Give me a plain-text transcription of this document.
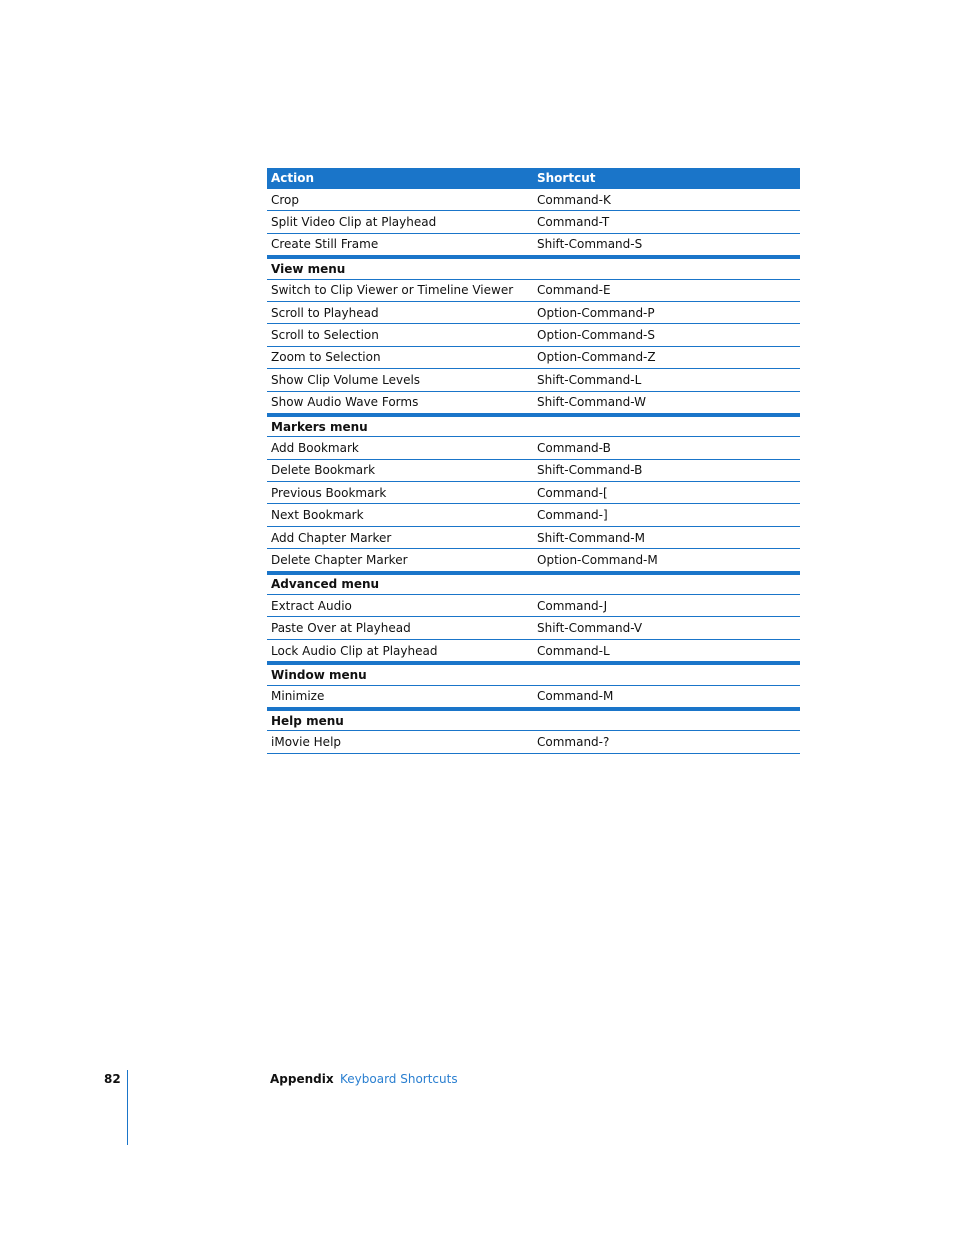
Action	Shortcut
Crop	Command-K
Split Video Clip at Playhead	Command-T
Create Still Frame	Shift-Command-S
View menu
Switch to Clip Viewer or Timeline Viewer	Command-E
Scroll to Playhead	Option-Command-P
Scroll to Selection	Option-Command-S
Zoom to Selection	Option-Command-Z
Show Clip Volume Levels	Shift-Command-L
Show Audio Wave Forms	Shift-Command-W
Markers menu
Add Bookmark	Command-B
Delete Bookmark	Shift-Command-B
Previous Bookmark	Command-[
Next Bookmark	Command-]
Add Chapter Marker	Shift-Command-M
Delete Chapter Marker	Option-Command-M
Advanced menu
Extract Audio	Command-J
Paste Over at Playhead	Shift-Command-V
Lock Audio Clip at Playhead	Command-L
Window menu
Minimize	Command-M
Help menu
iMovie Help	Command-?
82	Appendix Keyboard Shortcuts
